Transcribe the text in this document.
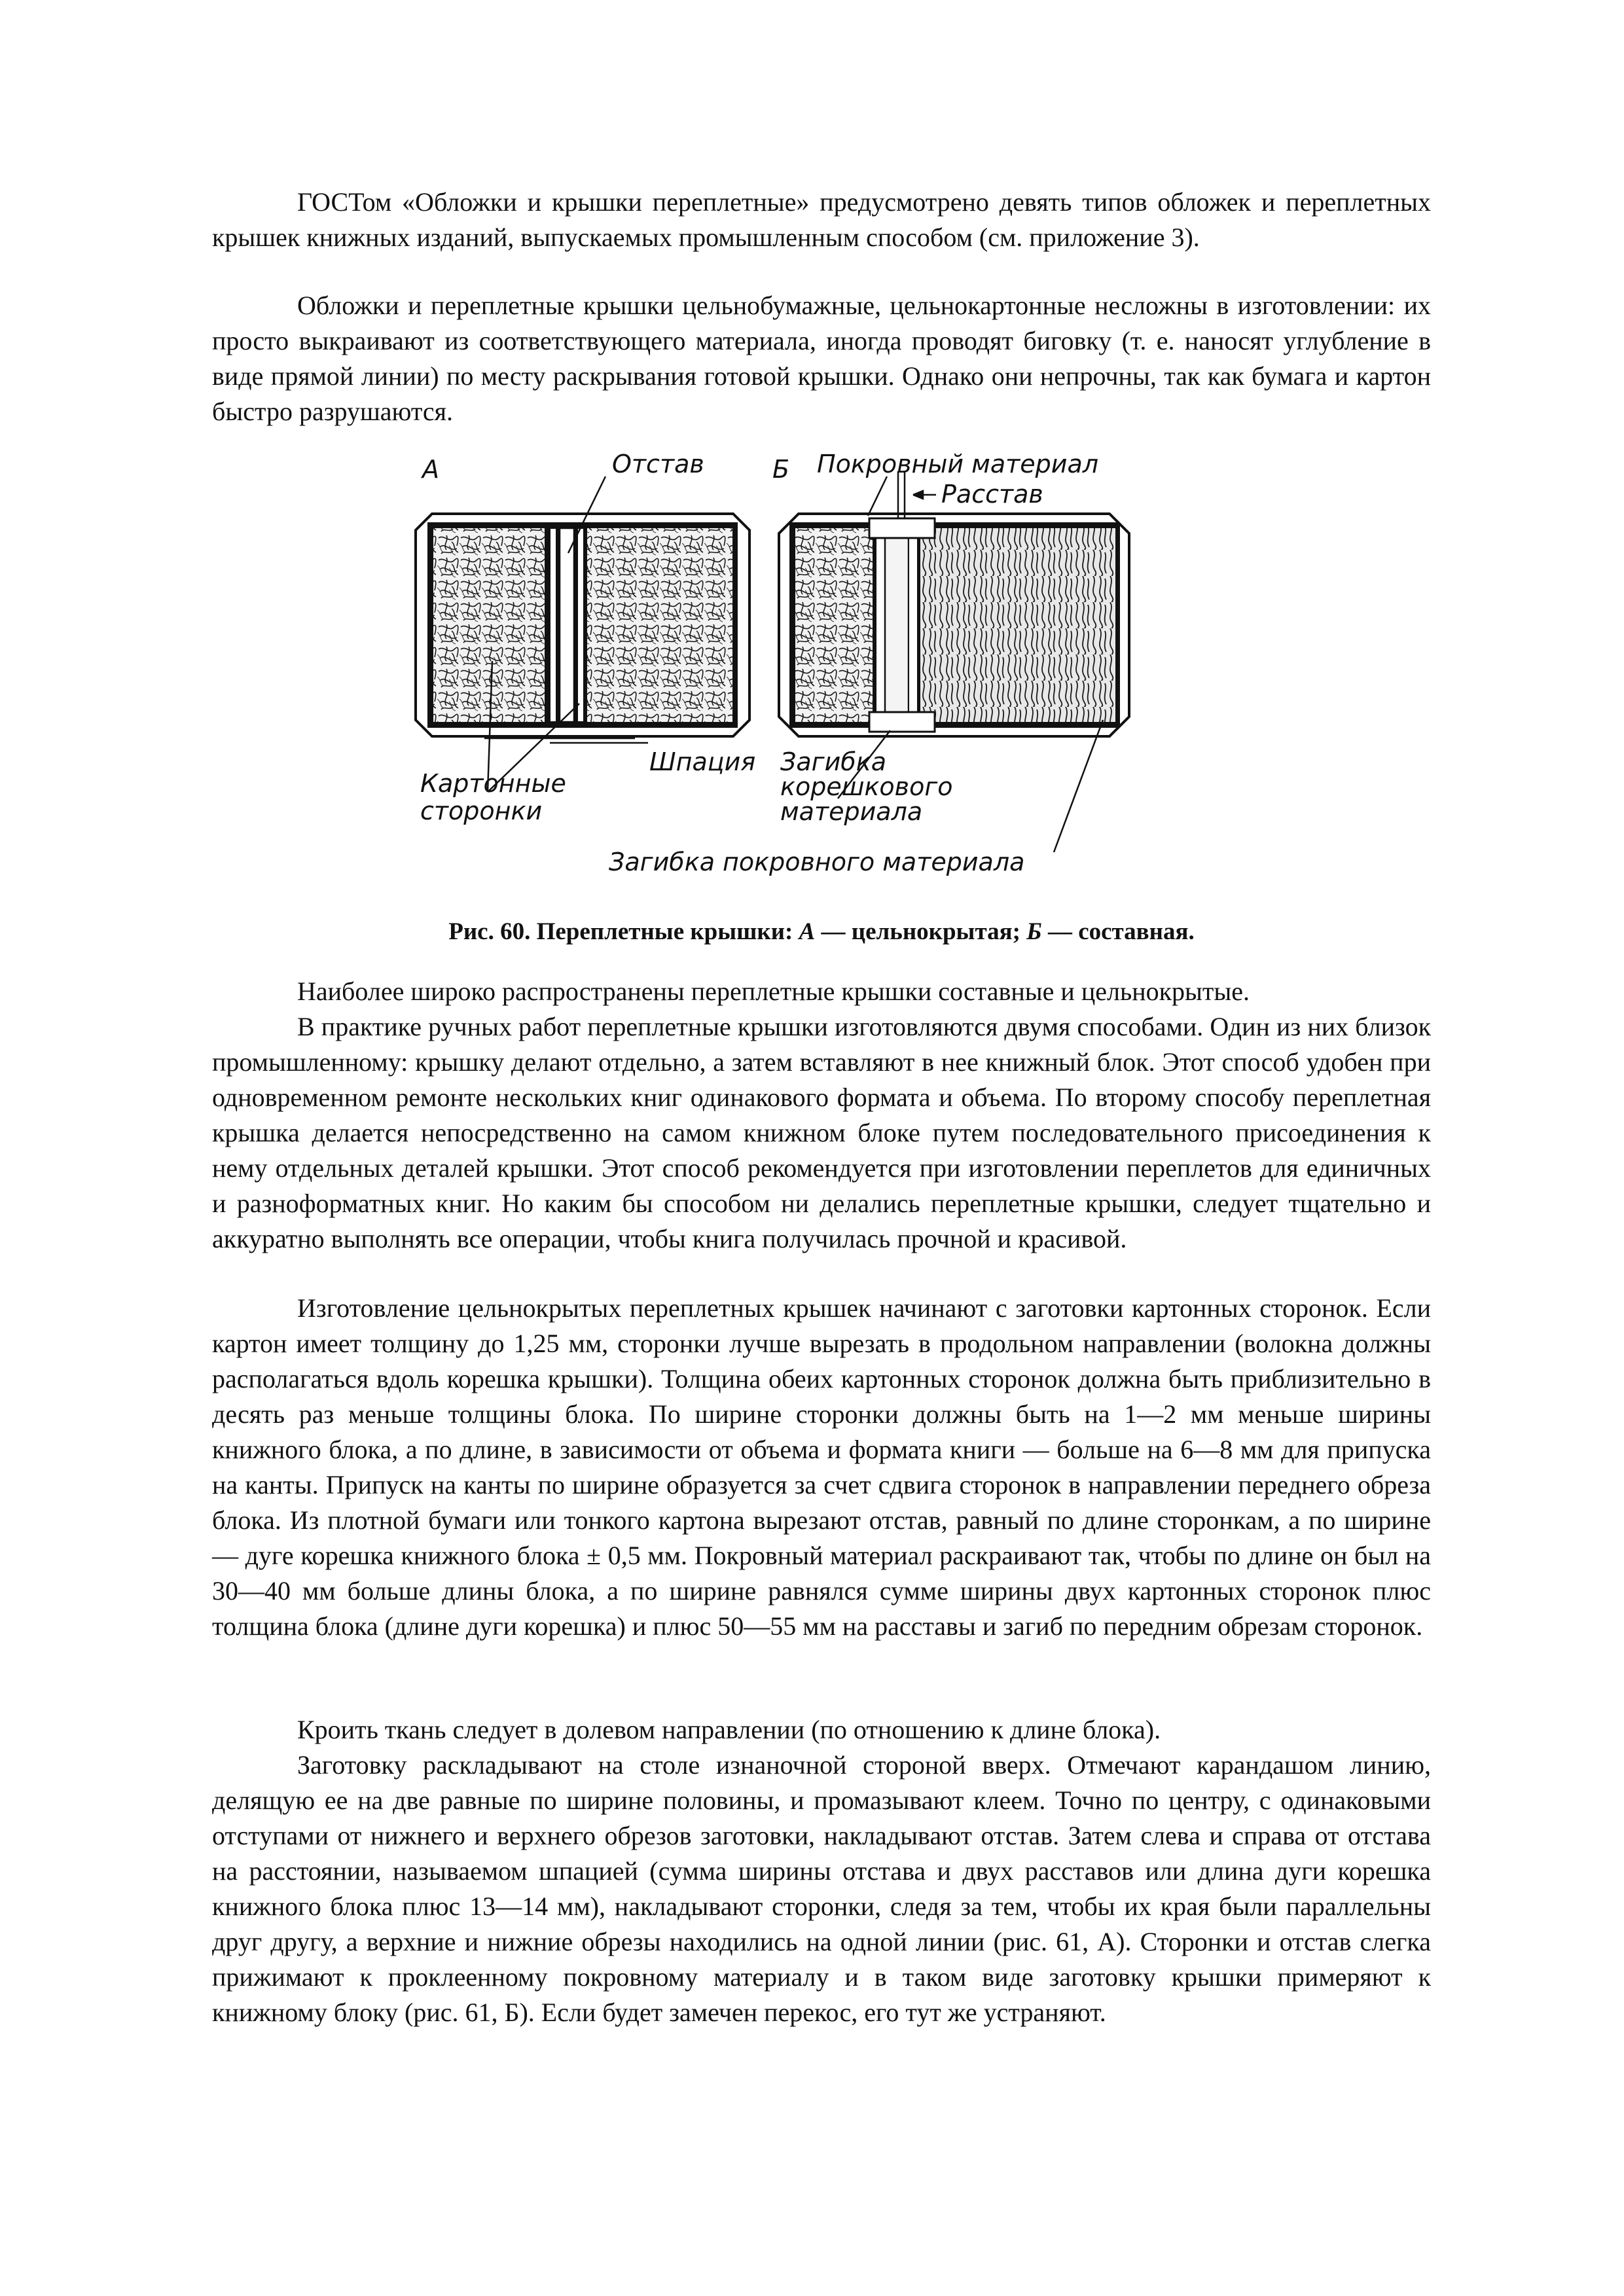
ГОСТом «Обложки и крышки переплетные» предусмотрено девять типов обложек и переплетных крышек книжных изданий, выпускаемых промышленным способом (см. приложение 3).

Обложки и переплетные крышки цельнобумажные, цельнокартонные несложны в изготовлении: их просто выкраивают из соответствующего материала, иногда проводят биговку (т. е. наносят углубление в виде прямой линии) по месту раскрывания готовой крышки. Однако они непрочны, так как бумага и картон быстро разрушаются.

А	Б
Отстав	Покровный материал
Расстав
Шпация
Картонные
сторонки
Загибка
корешкового
материала
Загибка покровного материала

Рис. 60. Переплетные крышки: А — цельнокрытая; Б — составная.

Наиболее широко распространены переплетные крышки составные и цельнокрытые.

В практике ручных работ переплетные крышки изготовляются двумя способами. Один из них близок промышленному: крышку делают отдельно, а затем вставляют в нее книжный блок. Этот способ удобен при одновременном ремонте нескольких книг одинакового формата и объема. По второму способу переплетная крышка делается непосредственно на самом книжном блоке путем последовательного присоединения к нему отдельных деталей крышки. Этот способ рекомендуется при изготовлении переплетов для единичных и разноформатных книг. Но каким бы способом ни делались переплетные крышки, следует тщательно и аккуратно выполнять все операции, чтобы книга получилась прочной и красивой.

Изготовление цельнокрытых переплетных крышек начинают с заготовки картонных сторонок. Если картон имеет толщину до 1,25 мм, сторонки лучше вырезать в продольном направлении (волокна должны располагаться вдоль корешка крышки). Толщина обеих картонных сторонок должна быть приблизительно в десять раз меньше толщины блока. По ширине сторонки должны быть на 1—2 мм меньше ширины книжного блока, а по длине, в зависимости от объема и формата книги — больше на 6—8 мм для припуска на канты. Припуск на канты по ширине образуется за счет сдвига сторонок в направлении переднего обреза блока. Из плотной бумаги или тонкого картона вырезают отстав, равный по длине сторонкам, а по ширине — дуге корешка книжного блока ± 0,5 мм. Покровный материал раскраивают так, чтобы по длине он был на 30—40 мм больше длины блока, а по ширине равнялся сумме ширины двух картонных сторонок плюс толщина блока (длине дуги корешка) и плюс 50—55 мм на расставы и загиб по передним обрезам сторонок.

Кроить ткань следует в долевом направлении (по отношению к длине блока).

Заготовку раскладывают на столе изнаночной стороной вверх. Отмечают карандашом линию, делящую ее на две равные по ширине половины, и промазывают клеем. Точно по центру, с одинаковыми отступами от нижнего и верхнего обрезов заготовки, накладывают отстав. Затем слева и справа от отстава на расстоянии, называемом шпацией (сумма ширины отстава и двух расставов или длина дуги корешка книжного блока плюс 13—14 мм), накладывают сторонки, следя за тем, чтобы их края были параллельны друг другу, а верхние и нижние обрезы находились на одной линии (рис. 61, А). Сторонки и отстав слегка прижимают к проклеенному покровному материалу и в таком виде заготовку крышки примеряют к книжному блоку (рис. 61, Б). Если будет замечен перекос, его тут же устраняют.
